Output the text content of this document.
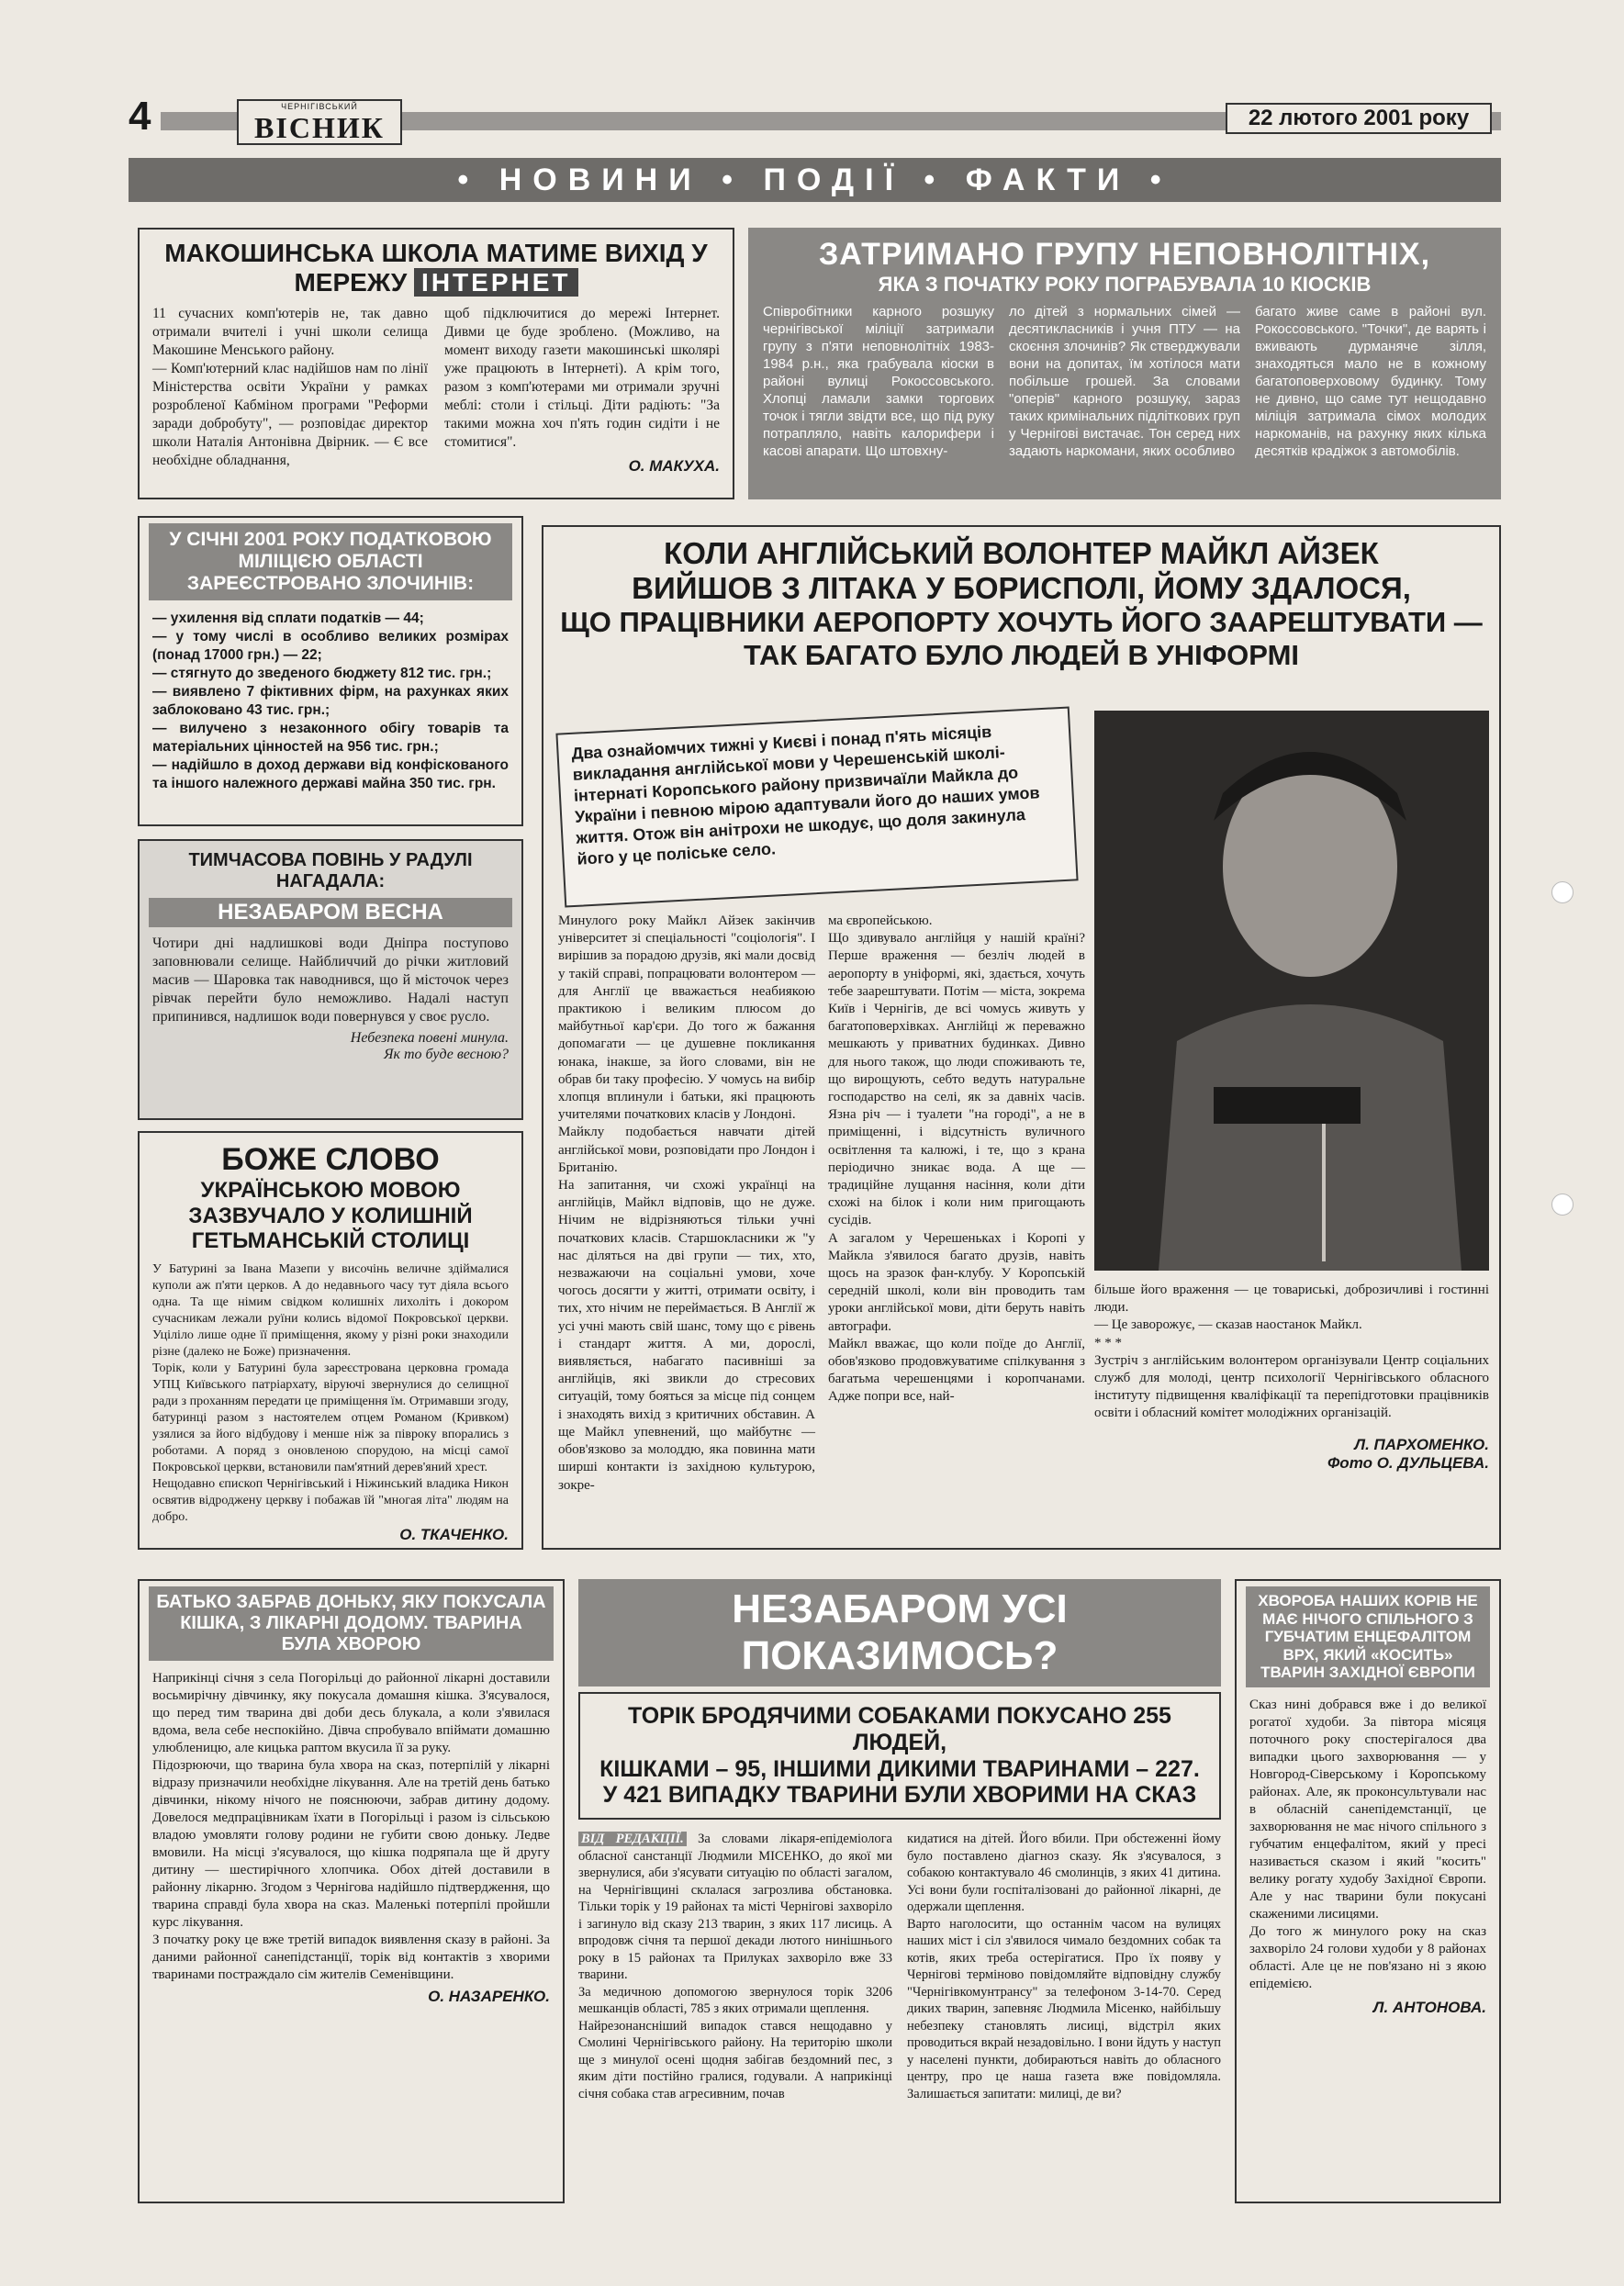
4	ЧЕРНІГІВСЬКИЙ
ВІСНИК	22 лютого 2001 року
• НОВИНИ • ПОДІЇ • ФАКТИ •
МАКОШИНСЬКА ШКОЛА МАТИМЕ ВИХІД У МЕРЕЖУ ІНТЕРНЕТ
11 сучасних комп'ютерів не, так давно отримали вчителі і учні школи селища Макошине Менського району.
— Комп'ютерний клас надійшов нам по лінії Міністерства освіти України у рамках розробленої Кабміном програми "Реформи заради добробуту", — розповідає директор школи Наталія Антонівна Двірник. — Є все необхідне обладнання,
щоб підключитися до мережі Інтернет. Дивми це буде зроблено. (Можливо, на момент виходу газети макошинські школярі уже працюють в Інтернеті). А крім того, разом з комп'ютерами ми отримали зручні меблі: столи і стільці. Діти радіють: "За такими можна хоч п'ять годин сидіти і не стомитися".
О. МАКУХА.
ЗАТРИМАНО ГРУПУ НЕПОВНОЛІТНІХ,
ЯКА З ПОЧАТКУ РОКУ ПОГРАБУВАЛА 10 КІОСКІВ
Співробітники карного розшуку чернігівської міліції затримали групу з п'яти неповнолітніх 1983-1984 р.н., яка грабувала кіоски в районі вулиці Рокоссовського. Хлопці ламали замки торгових точок і тягли звідти все, що під руку потрапляло, навіть калорифери і касові апарати. Що штовхну-
ло дітей з нормальних сімей — десятикласників і учня ПТУ — на скоєння злочинів? Як стверджували вони на допитах, їм хотілося мати побільше грошей. За словами "оперів" карного розшуку, зараз таких кримінальних підліткових груп у Чернігові вистачає. Тон серед них задають наркомани, яких особливо
багато живе саме в районі вул. Рокоссовського. "Точки", де варять і вживають дурманяче зілля, знаходяться мало не в кожному багатоповерховому будинку. Тому не дивно, що саме тут нещодавно міліція затримала сімох молодих наркоманів, на рахунку яких кілька десятків крадіжок з автомобілів.
У СІЧНІ 2001 РОКУ ПОДАТКОВОЮ МІЛІЦІЄЮ ОБЛАСТІ ЗАРЕЄСТРОВАНО ЗЛОЧИНІВ:
— ухилення від сплати податків — 44;
— у тому числі в особливо великих розмірах (понад 17000 грн.) — 22;
— стягнуто до зведеного бюджету 812 тис. грн.;
— виявлено 7 фіктивних фірм, на рахунках яких заблоковано 43 тис. грн.;
— вилучено з незаконного обігу товарів та матеріальних цінностей на 956 тис. грн.;
— надійшло в доход держави від конфіскованого та іншого належного державі майна 350 тис. грн.
ТИМЧАСОВА ПОВІНЬ У РАДУЛІ НАГАДАЛА:
НЕЗАБАРОМ ВЕСНА
Чотири дні надлишкові води Дніпра поступово заповнювали селище. Найбличчий до річки житловий масив — Шаровка так наводнився, що й місточок через рівчак перейти було неможливо. Надалі наступ припинився, надлишок води повернувся у своє русло.
Небезпека повені минула.
Як то буде весною?
БОЖЕ СЛОВО
УКРАЇНСЬКОЮ МОВОЮ ЗАЗВУЧАЛО У КОЛИШНІЙ ГЕТЬМАНСЬКІЙ СТОЛИЦІ
У Батурині за Івана Мазепи у височінь величне здіймалися куполи аж п'яти церков. А до недавнього часу тут діяла всього одна. Та ще німим свідком колишніх лихоліть і докором сучасникам лежали руїни колись відомої Покровської церкви. Уцілілo лише одне її приміщення, якому у різні роки знаходили різне (далеко не Боже) призначення.
Торік, коли у Батурині була зареєстрована церковна громада УПЦ Київського патріархату, віруючі звернулися до селищної ради з проханням передати це приміщення їм. Отримавши згоду, батуринці разом з настоятелем отцем Романом (Кривком) узялися за його відбудову і менше ніж за півроку впорались з роботами. А поряд з оновленою спорудою, на місці самої Покровської церкви, встановили пам'ятний дерев'яний хрест.
Нещодавно єпископ Чернігівський і Ніжинський владика Никон освятив відроджену церкву і побажав їй "многая літа" людям на добро.
О. ТКАЧЕНКО.
КОЛИ АНГЛІЙСЬКИЙ ВОЛОНТЕР МАЙКЛ АЙЗЕК
ВИЙШОВ З ЛІТАКА У БОРИСПОЛІ, ЙОМУ ЗДАЛОСЯ,
ЩО ПРАЦІВНИКИ АЕРОПОРТУ ХОЧУТЬ ЙОГО ЗААРЕШТУВАТИ —
ТАК БАГАТО БУЛО ЛЮДЕЙ В УНІФОРМІ
Два ознайомчих тижні у Києві і понад п'ять місяців викладання англійської мови у Черешенській школі-інтернаті Коропського району призвичаїли Майкла до України і певною мірою адаптували його до наших умов життя. Отож він анітрохи не шкодує, що доля закинула його у це поліське село.
Минулого року Майкл Айзек закінчив університет зі спеціальності "соціологія". І вирішив за порадою друзів, які мали досвід у такій справі, попрацювати волонтером — для Англії це вважається неабиякою практикою і великим плюсом до майбутньої кар'єри. До того ж бажання допомагати — це душевне покликання юнака, інакше, за його словами, він не обрав би таку професію. У чомусь на вибір хлопця вплинули і батьки, які працюють учителями початкових класів у Лондоні.
Майклу подобається навчати дітей англійської мови, розповідати про Лондон і Британію.
На запитання, чи схожі українці на англійців, Майкл відповів, що не дуже. Нічим не відрізняються тільки учні початкових класів. Старшокласники ж "у нас діляться на дві групи — тих, хто, незважаючи на соціальні умови, хоче чогось досягти у житті, отримати освіту, і тих, хто нічим не переймається. В Англії ж усі учні мають свій шанс, тому що є рівень і стандарт життя. А ми, дорослі, виявляється, набагато пасивніші за англійців, які звикли до стресових ситуацій, тому бояться за місце під сонцем і знаходять вихід з критичних обставин. А ще Майкл упевнений, що майбутнє — обов'язково за молоддю, яка повинна мати ширші контакти із західною культурою, зокре-
ма європейською.
Що здивувало англійця у нашій країні? Перше враження — безліч людей в аеропорту в уніформі, які, здається, хочуть тебе заарештувати. Потім — міста, зокрема Київ і Чернігів, де всі чомусь живуть у багатоповерхівках. Англійці ж переважно мешкають у приватних будинках. Дивно для нього також, що люди споживають те, що вирощують, себто ведуть натуральне господарство на селі, як за давніх часів. Язна річ — і туалети "на городі", а не в приміщенні, і відсутність вуличного освітлення та калюжі, і те, що з крана періодично зникає вода. А ще — традиційне лущання насіння, коли діти схожі на білок і коли ним пригощають сусідів.
А загалом у Черешеньках і Коропі у Майкла з'явилося багато друзів, навіть щось на зразок фан-клубу. У Коропській середній школі, коли він проводить там уроки англійської мови, діти беруть навіть автографи.
Майкл вважає, що коли поїде до Англії, обов'язково продовжуватиме спілкування з багатьма черешенцями і коропчанами. Адже попри все, най-
більше його враження — це товариські, доброзичливі і гостинні люди.
— Це заворожує, — сказав наостанок Майкл.
* * *
Зустріч з англійським волонтером організували Центр соціальних служб для молоді, центр психології Чернігівського обласного інституту підвищення кваліфікації та перепідготовки працівників освіти і обласний комітет молодіжних організацій.
Л. ПАРХОМЕНКО.
Фото О. ДУЛЬЦЕВА.
БАТЬКО ЗАБРАВ ДОНЬКУ, ЯКУ ПОКУСАЛА КІШКА, З ЛІКАРНІ ДОДОМУ. ТВАРИНА БУЛА ХВОРОЮ
Наприкінці січня з села Погорільці до районної лікарні доставили восьмирічну дівчинку, яку покусала домашня кішка. З'ясувалося, що перед тим тварина дві доби десь блукала, а коли з'явилася вдома, вела себе неспокійно. Дівча спробувало впіймати домашню улюбленицю, але кицька раптом вкусила її за руку.
Підозрюючи, що тварина була хвора на сказ, потерпілій у лікарні відразу призначили необхідне лікування. Але на третій день батько дівчинки, нікому нічого не пояснюючи, забрав дитину додому. Довелося медпрацівникам їхати в Погорільці і разом із сільською владою умовляти голову родини не губити свою доньку. Ледве вмовили. На місці з'ясувалося, що кішка подряпала ще й другу дитину — шестирічного хлопчика. Обох дітей доставили в районну лікарню. Згодом з Чернігова надійшло підтвердження, що тварина справді була хвора на сказ. Маленькі потерпілі пройшли курс лікування.
З початку року це вже третій випадок виявлення сказу в районі. За даними районної санепідстанції, торік від контактів з хворими тваринами постраждало сім жителів Семенівщини.
О. НАЗАРЕНКО.
НЕЗАБАРОМ УСІ ПОКАЗИМОСЬ?
ТОРІК БРОДЯЧИМИ СОБАКАМИ ПОКУСАНО 255 ЛЮДЕЙ,
КІШКАМИ – 95, ІНШИМИ ДИКИМИ ТВАРИНАМИ – 227.
У 421 ВИПАДКУ ТВАРИНИ БУЛИ ХВОРИМИ НА СКАЗ
ВІД РЕДАКЦІЇ. За словами лікаря-епідеміолога обласної санстанції Людмили МІСЕНКО, до якої ми звернулися, аби з'ясувати ситуацію по області загалом, на Чернігівщині склалася загрозлива обстановка. Тільки торік у 19 районах та місті Чернігові захворіло і загинуло від сказу 213 тварин, з яких 117 лисиць. А впродовж січня та першої декади лютого нинішнього року в 15 районах та Прилуках захворіло вже 33 тварини.
За медичною допомогою звернулося торік 3206 мешканців області, 785 з яких отримали щеплення.
Найрезонансніший випадок стався нещодавно у Смолині Чернігівського району. На територію школи ще з минулої осені щодня забігав бездомний пес, з яким діти постійно гралися, годували. А наприкінці січня собака став агресивним, почав
кидатися на дітей. Його вбили. При обстеженні йому було поставлено діагноз сказу. Як з'ясувалося, з собакою контактувало 46 смолинців, з яких 41 дитина. Усі вони були госпіталізовані до районної лікарні, де одержали щеплення.
Варто наголосити, що останнім часом на вулицях наших міст і сіл з'явилося чимало бездомних собак та котів, яких треба остерігатися. Про їх появу у Чернігові терміново повідомляйте відповідну службу "Чернігівкомунтрансу" за телефоном 3-14-70. Серед диких тварин, запевняє Людмила Місенко, найбільшу небезпеку становлять лисиці, відстріл яких проводиться вкрай незадовільно. І вони йдуть у наступ у населені пункти, добираються навіть до обласного центру, про це наша газета вже повідомляла. Залишається запитати: милиці, де ви?
ХВОРОБА НАШИХ КОРІВ НЕ МАЄ НІЧОГО СПІЛЬНОГО З ГУБЧАТИМ ЕНЦЕФАЛІТОМ ВРХ, ЯКИЙ «КОСИТЬ» ТВАРИН ЗАХІДНОЇ ЄВРОПИ
Сказ нині добрався вже і до великої рогатої худоби. За півтора місяця поточного року спостерігалося два випадки цього захворювання — у Новгород-Сіверському і Коропському районах. Але, як проконсультували нас в обласній санепідемстанції, це захворювання не має нічого спільного з губчатим енцефалітом, який у пресі називається сказом і який "косить" велику рогату худобу Західної Європи. Але у нас тварини були покусані скаженими лисицями.
До того ж минулого року на сказ захворіло 24 голови худоби у 8 районах області. Але це не пов'язано ні з якою епідемією.
Л. АНТОНОВА.
